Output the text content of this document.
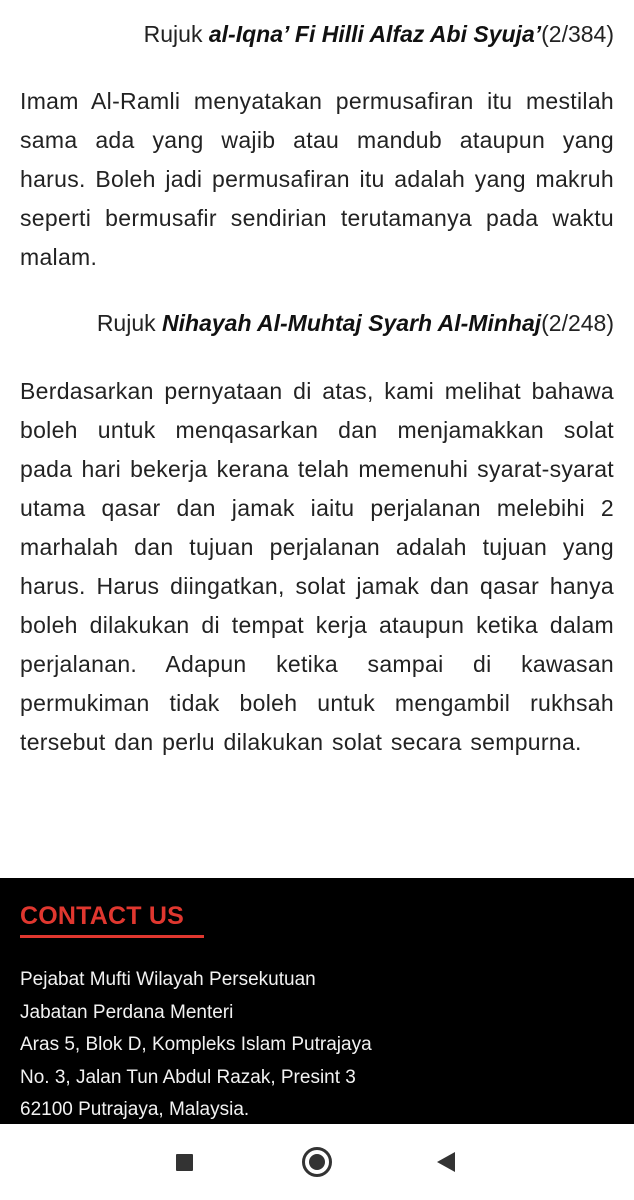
Rujuk al-Iqna’ Fi Hilli Alfaz Abi Syuja’(2/384)

Imam Al-Ramli menyatakan permusafiran itu mestilah sama ada yang wajib atau mandub ataupun yang harus. Boleh jadi permusafiran itu adalah yang makruh seperti bermusafir sendirian terutamanya pada waktu malam.

Rujuk Nihayah Al-Muhtaj Syarh Al-Minhaj(2/248)

Berdasarkan pernyataan di atas, kami melihat bahawa boleh untuk menqasarkan dan menjamakkan solat pada hari bekerja kerana telah memenuhi syarat-syarat utama qasar dan jamak iaitu perjalanan melebihi 2 marhalah dan tujuan perjalanan adalah tujuan yang harus. Harus diingatkan, solat jamak dan qasar hanya boleh dilakukan di tempat kerja ataupun ketika dalam perjalanan. Adapun ketika sampai di kawasan permukiman tidak boleh untuk mengambil rukhsah tersebut dan perlu dilakukan solat secara sempurna.

CONTACT US
Pejabat Mufti Wilayah Persekutuan
Jabatan Perdana Menteri
Aras 5, Blok D, Kompleks Islam Putrajaya
No. 3, Jalan Tun Abdul Razak, Presint 3
62100 Putrajaya, Malaysia.
